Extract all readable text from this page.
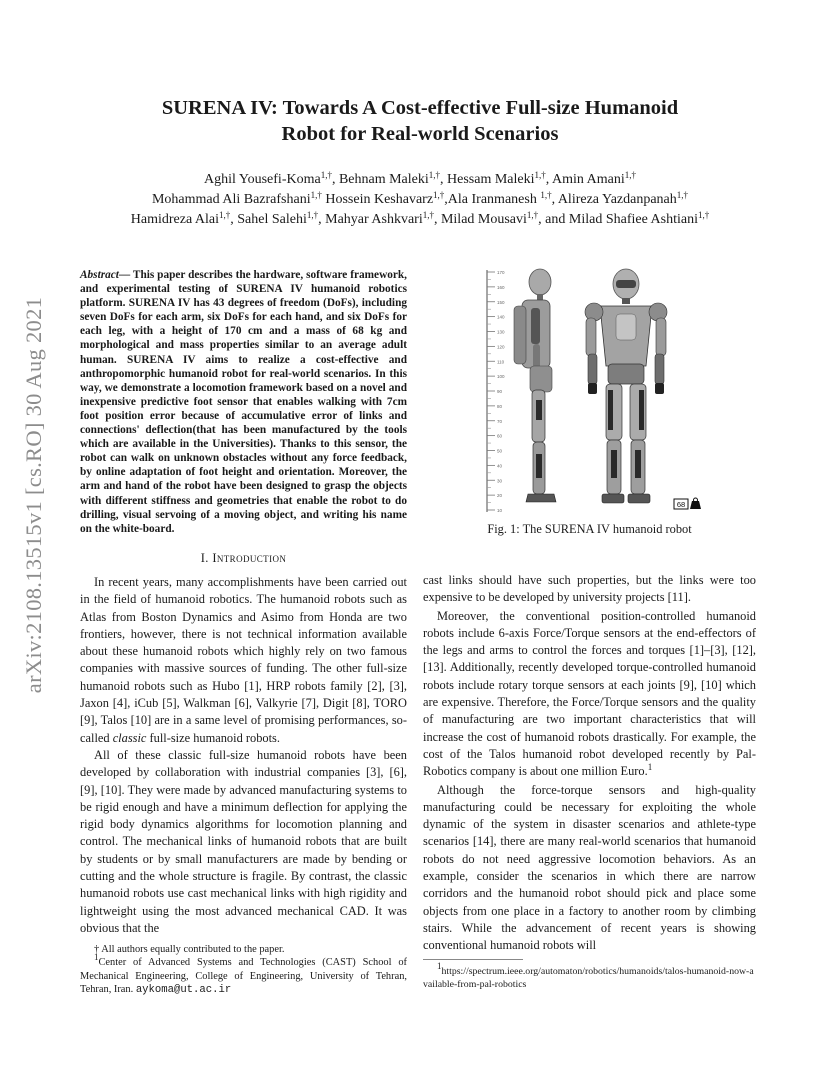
arXiv:2108.13515v1 [cs.RO] 30 Aug 2021
SURENA IV: Towards A Cost-effective Full-size Humanoid
Robot for Real-world Scenarios
Aghil Yousefi-Koma$^{1,\dagger}$, Behnam Maleki$^{1,\dagger}$, Hessam Maleki$^{1,\dagger}$, Amin Amani$^{1,\dagger}$
Mohammad Ali Bazrafshani$^{1,\dagger}$ Hossein Keshavarz$^{1,\dagger}$,Ala Iranmanesh $^{1,\dagger}$, Alireza Yazdanpanah$^{1,\dagger}$
Hamidreza Alai$^{1,\dagger}$, Sahel Salehi$^{1,\dagger}$, Mahyar Ashkvari$^{1,\dagger}$, Milad Mousavi$^{1,\dagger}$, and Milad Shafiee Ashtiani$^{1,\dagger}$
Abstract— This paper describes the hardware, software framework, and experimental testing of SURENA IV humanoid robotics platform. SURENA IV has 43 degrees of freedom (DoFs), including seven DoFs for each arm, six DoFs for each hand, and six DoFs for each leg, with a height of 170 cm and a mass of 68 kg and morphological and mass properties similar to an average adult human. SURENA IV aims to realize a cost-effective and anthropomorphic humanoid robot for real-world scenarios. In this way, we demonstrate a locomotion framework based on a novel and inexpensive predictive foot sensor that enables walking with 7cm foot position error because of accumulative error of links and connections' deflection(that has been manufactured by the tools which are available in the Universities). Thanks to this sensor, the robot can walk on unknown obstacles without any force feedback, by online adaptation of foot height and orientation. Moreover, the arm and hand of the robot have been designed to grasp the objects with different stiffness and geometries that enable the robot to do drilling, visual servoing of a moving object, and writing his name on the white-board.
170
160
150
140
130
120
110
100
90
80
70
60
50
40
30
20
10
68
Fig. 1: The SURENA IV humanoid robot
I. Introduction

In recent years, many accomplishments have been carried out in the field of humanoid robotics. The humanoid robots such as Atlas from Boston Dynamics and Asimo from Honda are two frontiers, however, there is not technical information available about these humanoid robots which highly rely on two famous companies with massive sources of funding. The other full-size humanoid robots such as Hubo [1], HRP robots family [2], [3], Jaxon [4], iCub [5], Walkman [6], Valkyrie [7], Digit [8], TORO [9], Talos [10] are in a same level of promising performances, so-called classic full-size humanoid robots.

All of these classic full-size humanoid robots have been developed by collaboration with industrial companies [3], [6], [9], [10]. They were made by advanced manufacturing systems to be rigid enough and have a minimum deflection for applying the rigid body dynamics algorithms for locomotion planning and control. The mechanical links of humanoid robots that are built by students or by small manufacturers are made by bending or cutting and the whole structure is fragile. By contrast, the classic humanoid robots use cast mechanical links with high rigidity and lightweight using the most advanced mechanical CAD. It was obvious that the

† All authors equally contributed to the paper.
$^1$Center of Advanced Systems and Technologies (CAST) School of Mechanical Engineering, College of Engineering, University of Tehran, Tehran, Iran. aykoma@ut.ac.ir

cast links should have such properties, but the links were too expensive to be developed by university projects [11].

Moreover, the conventional position-controlled humanoid robots include 6-axis Force/Torque sensors at the end-effectors of the legs and arms to control the forces and torques [1]–[3], [12], [13]. Additionally, recently developed torque-controlled humanoid robots include rotary torque sensors at each joints [9], [10] which are expensive. Therefore, the Force/Torque sensors and the quality of manufacturing are two important characteristics that will increase the cost of humanoid robots drastically. For example, the cost of the Talos humanoid robot developed recently by Pal-Robotics company is about one million Euro.$^1$

Although the force-torque sensors and high-quality manufacturing could be necessary for exploiting the whole dynamic of the system in disaster scenarios and athlete-type scenarios [14], there are many real-world scenarios that humanoid robots do not need aggressive locomotion behaviors. As an example, consider the scenarios in which there are narrow corridors and the humanoid robot should pick and place some objects from one place in a factory to another room by climbing stairs. While the advancement of recent years is showing conventional humanoid robots will

$^1$https://spectrum.ieee.org/automaton/robotics/humanoids/talos-humanoid-now-available-from-pal-robotics
